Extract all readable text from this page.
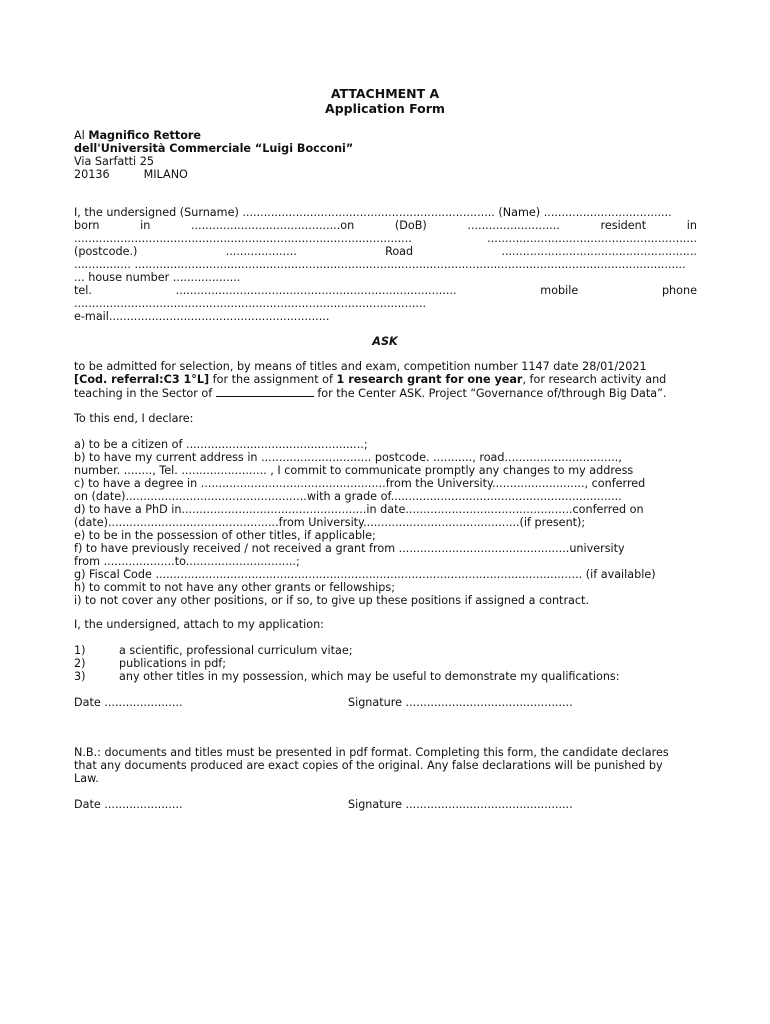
ATTACHMENT A
Application Form
Al Magnifico Rettore
dell'Università Commerciale “Luigi Bocconi”
Via Sarfatti 25
20136	MILANO
I, the undersigned (Surname) ....................................................................... (Name) ....................................
born	in	..........................................on	(DoB)	..........................	resident	in
...............................................................................................	...........................................................
(postcode.)	....................	Road	.......................................................
................ ...........................................................................................................................................................
... house number ...................
tel.	...............................................................................	mobile	phone
...................................................................................................
e-mail..............................................................
ASK
to be admitted for selection, by means of titles and exam, competition number 1147 date 28/01/2021
[Cod. referral:C3 1°L] for the assignment of 1 research grant for one year, for research activity and
teaching in the Sector of	for the Center ASK. Project “Governance of/through Big Data”.
To this end, I declare:
a) to be a citizen of ..................................................;
b) to have my current address in ............................... postcode. ..........., road................................,
number. ........, Tel. ........................ , I commit to communicate promptly any changes to my address
c) to have a degree in ....................................................from the University.........................., conferred
on (date)...................................................with a grade of.................................................................
d) to have a PhD in....................................................in date...............................................conferred on
(date)................................................from University............................................(if present);
e) to be in the possession of other titles, if applicable;
f) to have previously received / not received a grant from ................................................university
from ....................to...............................;
g) Fiscal Code ........................................................................................................................ (if available)
h) to commit to not have any other grants or fellowships;
i) to not cover any other positions, or if so, to give up these positions if assigned a contract.
I, the undersigned, attach to my application:
1)	a scientific, professional curriculum vitae;
2)	publications in pdf;
3)	any other titles in my possession, which may be useful to demonstrate my qualifications:
Date ......................	Signature ...............................................
N.B.: documents and titles must be presented in pdf format. Completing this form, the candidate declares
that any documents produced are exact copies of the original. Any false declarations will be punished by
Law.
Date ......................	Signature ...............................................
